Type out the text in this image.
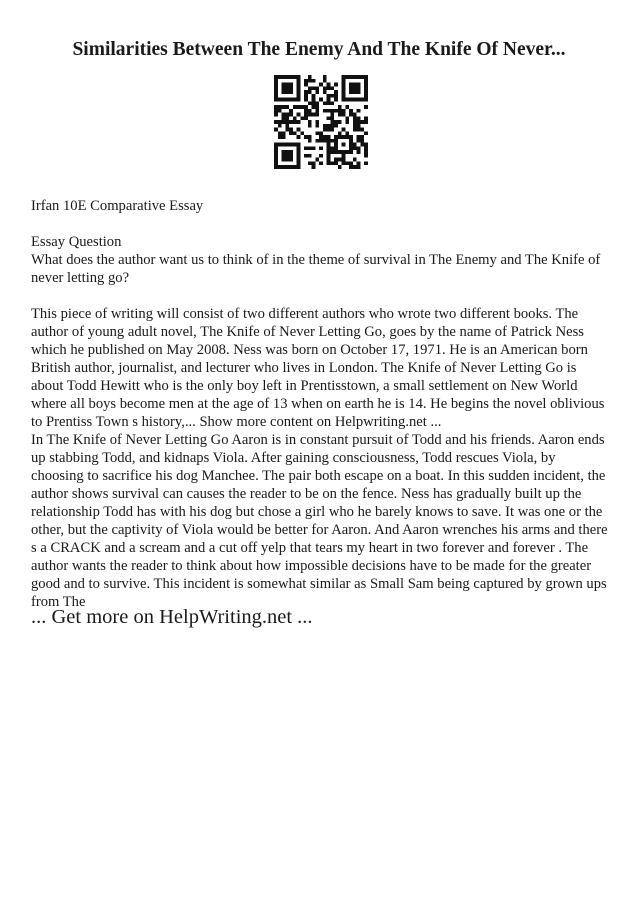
Similarities Between The Enemy And The Knife Of Never...

Irfan 10E Comparative Essay

Essay Question

What does the author want us to think of in the theme of survival in The Enemy and The Knife of never letting go?

This piece of writing will consist of two different authors who wrote two different books. The author of young adult novel, The Knife of Never Letting Go, goes by the name of Patrick Ness which he published on May 2008. Ness was born on October 17, 1971. He is an American born British author, journalist, and lecturer who lives in London. The Knife of Never Letting Go is about Todd Hewitt who is the only boy left in Prentisstown, a small settlement on New World where all boys become men at the age of 13 when on earth he is 14. He begins the novel oblivious to Prentiss Town s history,... Show more content on Helpwriting.net ...

In The Knife of Never Letting Go Aaron is in constant pursuit of Todd and his friends. Aaron ends up stabbing Todd, and kidnaps Viola. After gaining consciousness, Todd rescues Viola, by choosing to sacrifice his dog Manchee. The pair both escape on a boat. In this sudden incident, the author shows survival can causes the reader to be on the fence. Ness has gradually built up the relationship Todd has with his dog but chose a girl who he barely knows to save. It was one or the other, but the captivity of Viola would be better for Aaron. And Aaron wrenches his arms and there s a CRACK and a scream and a cut off yelp that tears my heart in two forever and forever . The author wants the reader to think about how impossible decisions have to be made for the greater good and to survive. This incident is somewhat similar as Small Sam being captured by grown ups from The

... Get more on HelpWriting.net ...
